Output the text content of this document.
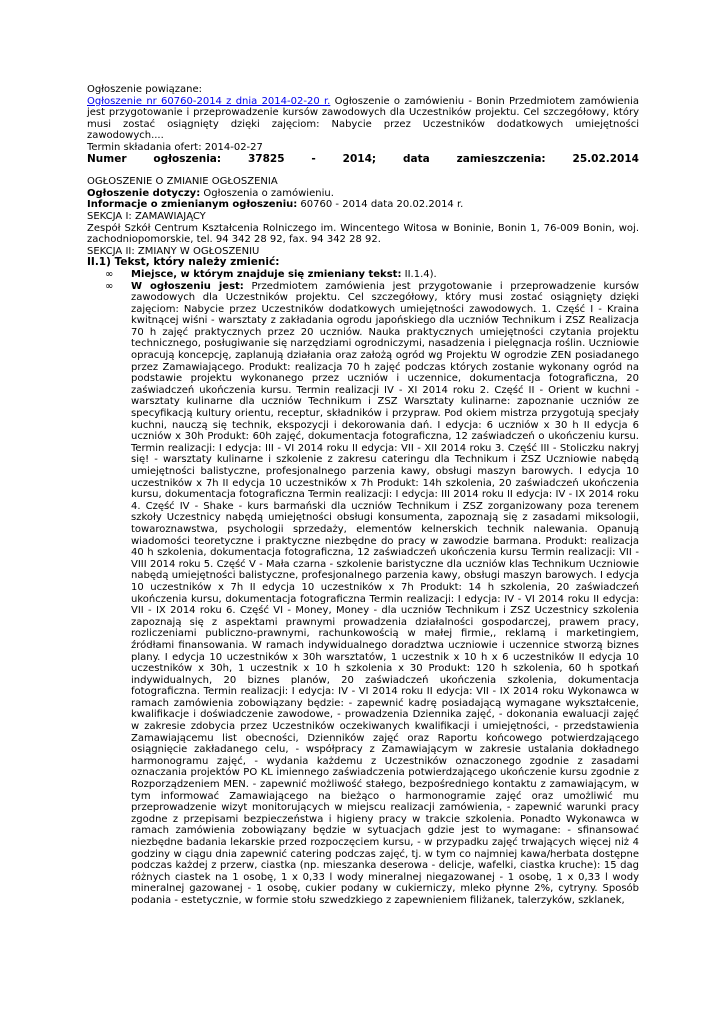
Ogłoszenie powiązane:
Ogłoszenie nr 60760-2014 z dnia 2014-02-20 r. Ogłoszenie o zamówieniu - Bonin Przedmiotem zamówienia jest przygotowanie i przeprowadzenie kursów zawodowych dla Uczestników projektu. Cel szczegółowy, który musi zostać osiągnięty dzięki zajęciom: Nabycie przez Uczestników dodatkowych umiejętności zawodowych....
Termin składania ofert: 2014-02-27
Numer	ogłoszenia:	37825	-	2014;	data	zamieszczenia:	25.02.2014
OGŁOSZENIE O ZMIANIE OGŁOSZENIA
Ogłoszenie dotyczy: Ogłoszenia o zamówieniu.
Informacje o zmienianym ogłoszeniu: 60760 - 2014 data 20.02.2014 r.
SEKCJA I: ZAMAWIAJĄCY
Zespół Szkół Centrum Kształcenia Rolniczego im. Wincentego Witosa w Boninie, Bonin 1, 76-009 Bonin, woj. zachodniopomorskie, tel. 94 342 28 92, fax. 94 342 28 92.
SEKCJA II: ZMIANY W OGŁOSZENIU
II.1) Tekst, który należy zmienić:
∞ Miejsce, w którym znajduje się zmieniany tekst: II.1.4).
∞ W ogłoszeniu jest: Przedmiotem zamówienia jest przygotowanie i przeprowadzenie kursów zawodowych dla Uczestników projektu. Cel szczegółowy, który musi zostać osiągnięty dzięki zajęciom: Nabycie przez Uczestników dodatkowych umiejętności zawodowych. 1. Część I - Kraina kwitnącej wiśni - warsztaty z zakładania ogrodu japońskiego dla uczniów Technikum i ZSZ Realizacja 70 h zajęć praktycznych przez 20 uczniów. Nauka praktycznych umiejętności czytania projektu technicznego, posługiwanie się narzędziami ogrodniczymi, nasadzenia i pielęgnacja roślin. Uczniowie opracują koncepcję, zaplanują działania oraz założą ogród wg Projektu W ogrodzie ZEN posiadanego przez Zamawiającego. Produkt: realizacja 70 h zajęć podczas których zostanie wykonany ogród na podstawie projektu wykonanego przez uczniów i uczennice, dokumentacja fotograficzna, 20 zaświadczeń ukończenia kursu. Termin realizacji IV - XI 2014 roku 2. Część II - Orient w kuchni - warsztaty kulinarne dla uczniów Technikum i ZSZ Warsztaty kulinarne: zapoznanie uczniów ze specyfikacją kultury orientu, receptur, składników i przypraw. Pod okiem mistrza przygotują specjały kuchni, nauczą się technik, ekspozycji i dekorowania dań. I edycja: 6 uczniów x 30 h II edycja 6 uczniów x 30h Produkt: 60h zajęć, dokumentacja fotograficzna, 12 zaświadczeń o ukończeniu kursu. Termin realizacji: I edycja: III - VI 2014 roku II edycja: VII - XII 2014 roku 3. Część III - Stoliczku nakryj się! - warsztaty kulinarne i szkolenie z zakresu cateringu dla Technikum i ZSZ Uczniowie nabędą umiejętności balistyczne, profesjonalnego parzenia kawy, obsługi maszyn barowych. I edycja 10 uczestników x 7h II edycja 10 uczestników x 7h Produkt: 14h szkolenia, 20 zaświadczeń ukończenia kursu, dokumentacja fotograficzna Termin realizacji: I edycja: III 2014 roku II edycja: IV - IX 2014 roku 4. Część IV - Shake - kurs barmański dla uczniów Technikum i ZSZ zorganizowany poza terenem szkoły Uczestnicy nabędą umiejętności obsługi konsumenta, zapoznają się z zasadami miksologii, towaroznawstwa, psychologii sprzedaży, elementów kelnerskich technik nalewania. Opanują wiadomości teoretyczne i praktyczne niezbędne do pracy w zawodzie barmana. Produkt: realizacja 40 h szkolenia, dokumentacja fotograficzna, 12 zaświadczeń ukończenia kursu Termin realizacji: VII - VIII 2014 roku 5. Część V - Mała czarna - szkolenie baristyczne dla uczniów klas Technikum Uczniowie nabędą umiejętności balistyczne, profesjonalnego parzenia kawy, obsługi maszyn barowych. I edycja 10 uczestników x 7h II edycja 10 uczestników x 7h Produkt: 14 h szkolenia, 20 zaświadczeń ukończenia kursu, dokumentacja fotograficzna Termin realizacji: I edycja: IV - VI 2014 roku II edycja: VII - IX 2014 roku 6. Część VI - Money, Money - dla uczniów Technikum i ZSZ Uczestnicy szkolenia zapoznają się z aspektami prawnymi prowadzenia działalności gospodarczej, prawem pracy, rozliczeniami publiczno-prawnymi, rachunkowością w małej firmie,, reklamą i marketingiem, źródłami finansowania. W ramach indywidualnego doradztwa uczniowie i uczennice stworzą biznes plany. I edycja 10 uczestników x 30h warsztatów, 1 uczestnik x 10 h x 6 uczestników II edycja 10 uczestników x 30h, 1 uczestnik x 10 h szkolenia x 30 Produkt: 120 h szkolenia, 60 h spotkań indywidualnych, 20 biznes planów, 20 zaświadczeń ukończenia szkolenia, dokumentacja fotograficzna. Termin realizacji: I edycja: IV - VI 2014 roku II edycja: VII - IX 2014 roku Wykonawca w ramach zamówienia zobowiązany będzie: - zapewnić kadrę posiadającą wymagane wykształcenie, kwalifikacje i doświadczenie zawodowe, - prowadzenia Dziennika zajęć, - dokonania ewaluacji zajęć w zakresie zdobycia przez Uczestników oczekiwanych kwalifikacji i umiejętności, - przedstawienia Zamawiającemu list obecności, Dzienników zajęć oraz Raportu końcowego potwierdzającego osiągnięcie zakładanego celu, - współpracy z Zamawiającym w zakresie ustalania dokładnego harmonogramu zajęć, - wydania każdemu z Uczestników oznaczonego zgodnie z zasadami oznaczania projektów PO KL imiennego zaświadczenia potwierdzającego ukończenie kursu zgodnie z Rozporządzeniem MEN. - zapewnić możliwość stałego, bezpośredniego kontaktu z zamawiającym, w tym informować Zamawiającego na bieżąco o harmonogramie zajęć oraz umożliwić mu przeprowadzenie wizyt monitorujących w miejscu realizacji zamówienia, - zapewnić warunki pracy zgodne z przepisami bezpieczeństwa i higieny pracy w trakcie szkolenia. Ponadto Wykonawca w ramach zamówienia zobowiązany będzie w sytuacjach gdzie jest to wymagane: - sfinansować niezbędne badania lekarskie przed rozpoczęciem kursu, - w przypadku zajęć trwających więcej niż 4 godziny w ciągu dnia zapewnić catering podczas zajęć, tj. w tym co najmniej kawa/herbata dostępne podczas każdej z przerw, ciastka (np. mieszanka deserowa - delicje, wafelki, ciastka kruche): 15 dag różnych ciastek na 1 osobę, 1 x 0,33 l wody mineralnej niegazowanej - 1 osobę, 1 x 0,33 l wody mineralnej gazowanej - 1 osobę, cukier podany w cukierniczy, mleko płynne 2%, cytryny. Sposób podania - estetycznie, w formie stołu szwedzkiego z zapewnieniem filiżanek, talerzyków, szklanek,
